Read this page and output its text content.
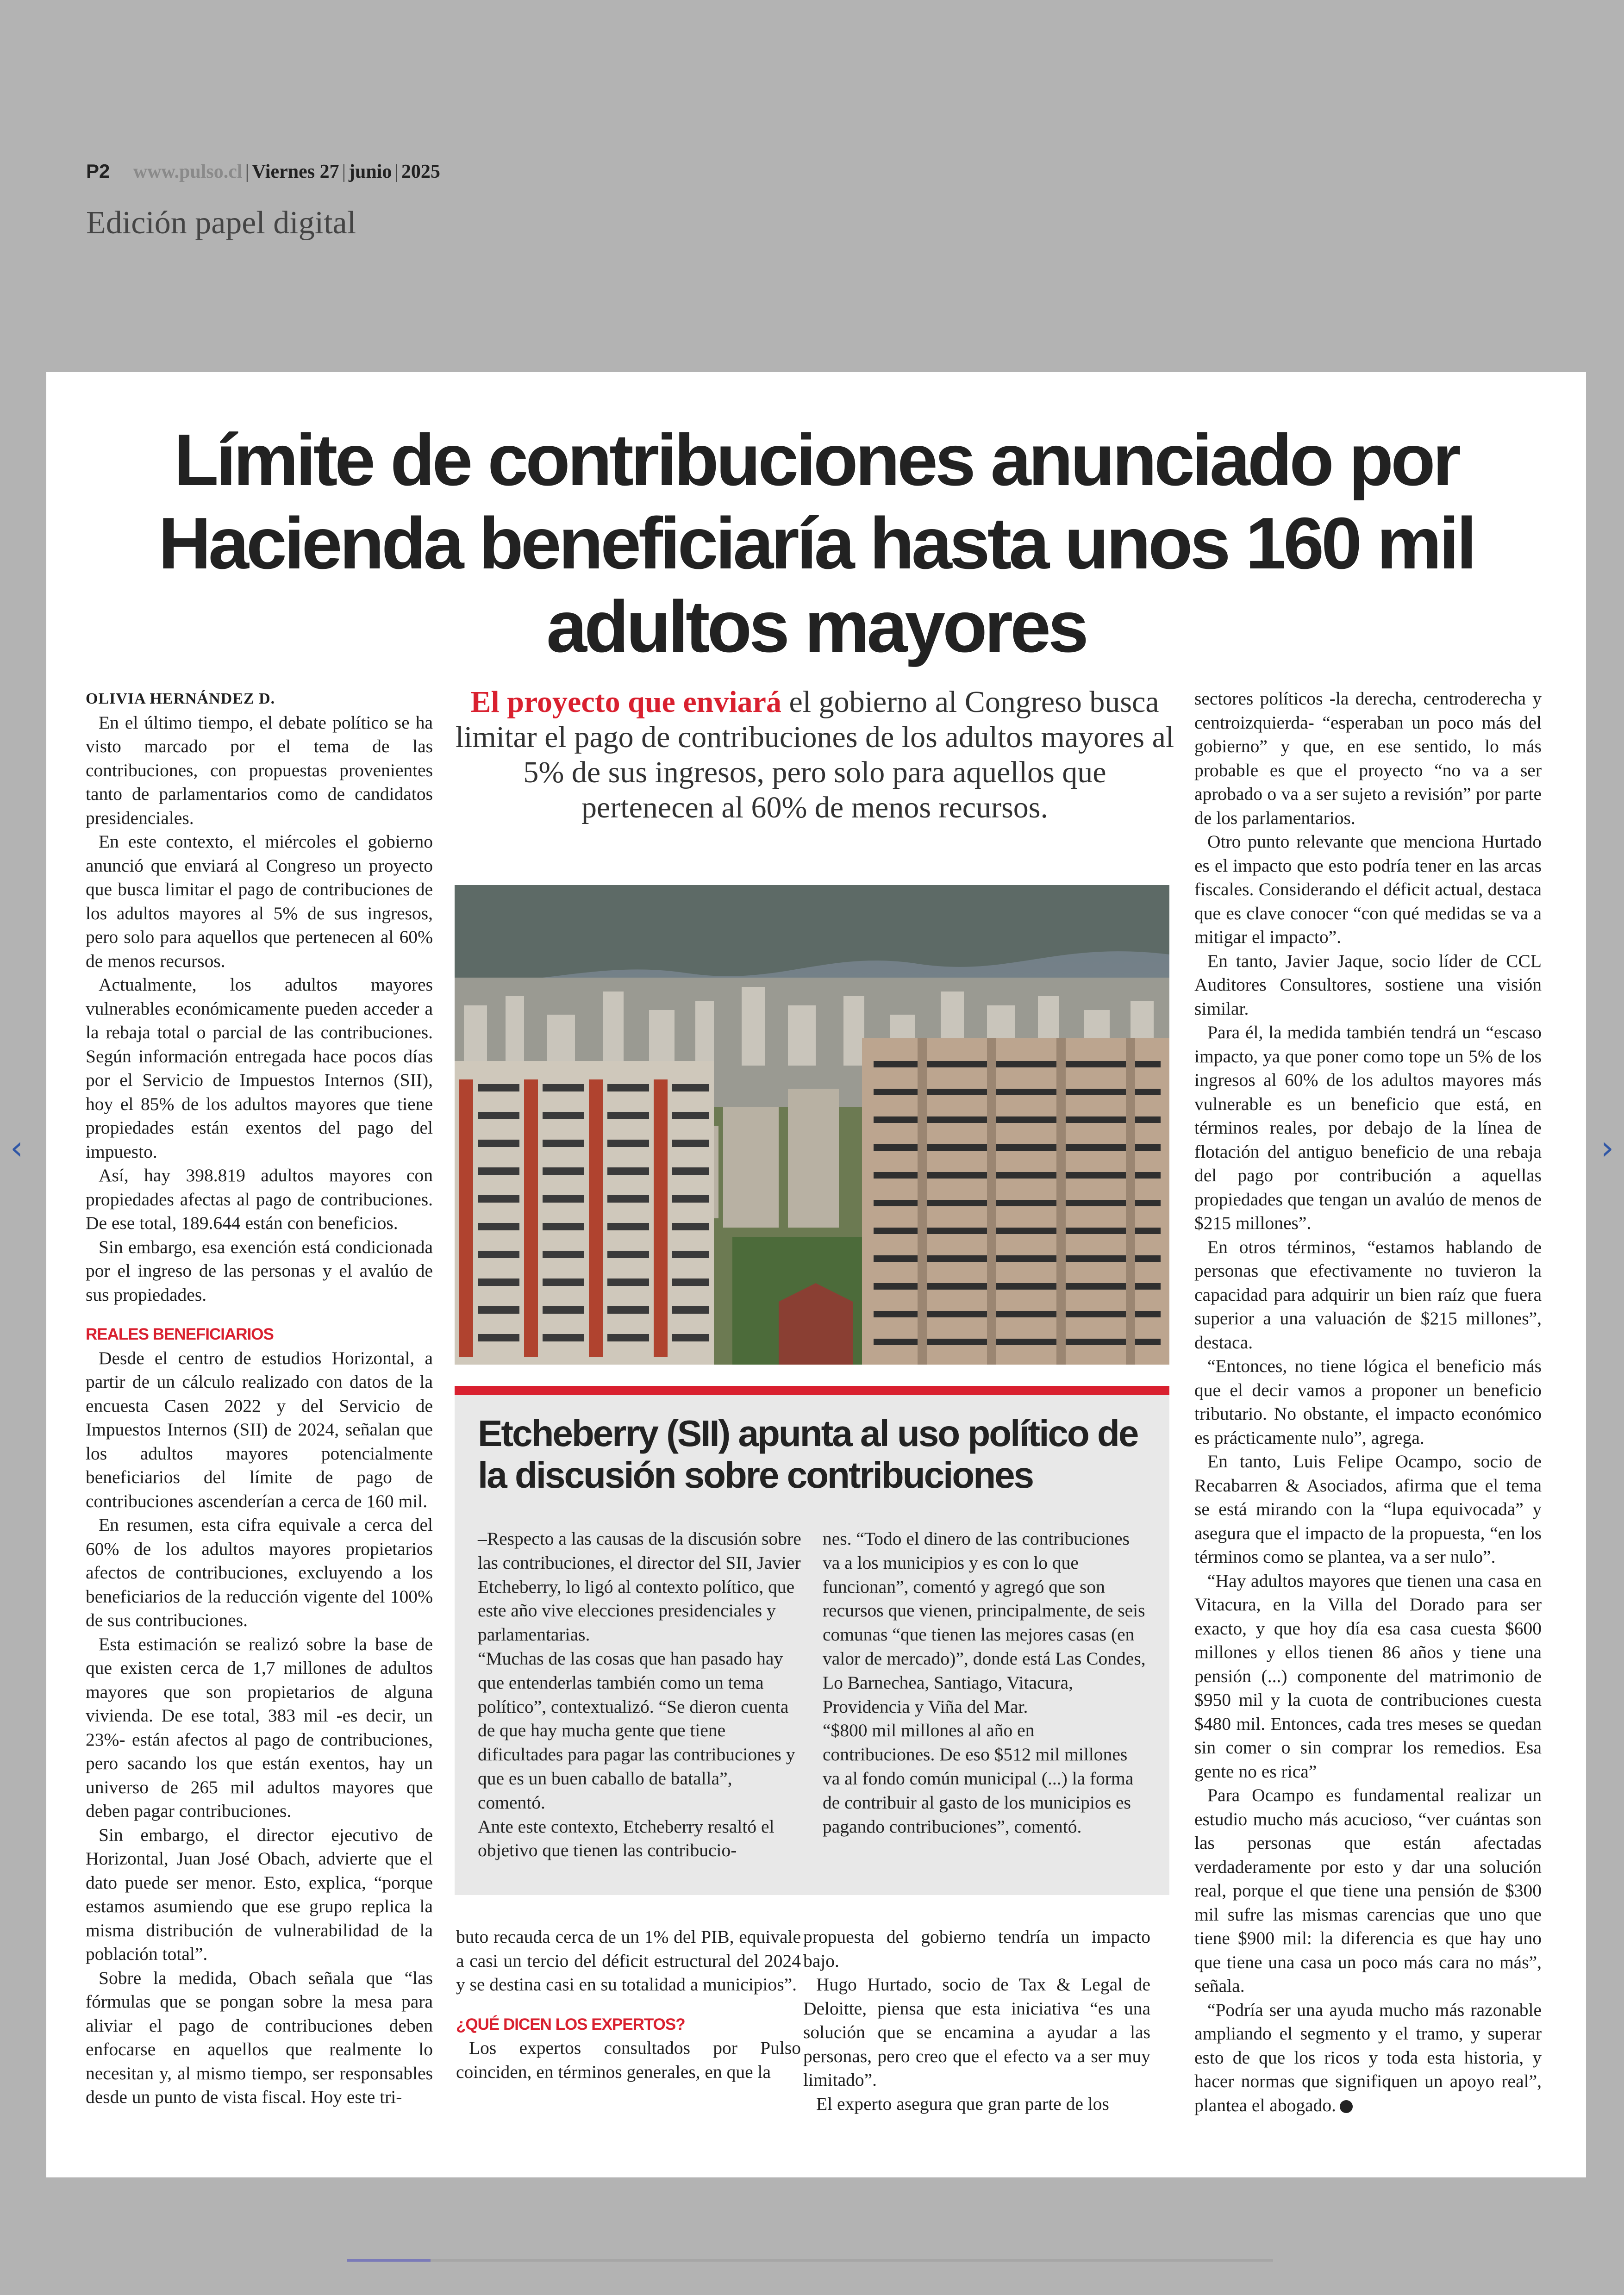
P2 www.pulso.cl | Viernes 27 | junio | 2025
Edición papel digital
‹	›
Límite de contribuciones anunciado por Hacienda beneficiaría hasta unos 160 mil adultos mayores

OLIVIA HERNÁNDEZ D.

En el último tiempo, el debate político se ha visto marcado por el tema de las contribuciones, con propuestas provenientes tanto de parlamentarios como de candidatos presidenciales.

En este contexto, el miércoles el gobierno anunció que enviará al Congreso un proyecto que busca limitar el pago de contribuciones de los adultos mayores al 5% de sus ingresos, pero solo para aquellos que pertenecen al 60% de menos recursos.

Actualmente, los adultos mayores vulnerables económicamente pueden acceder a la rebaja total o parcial de las contribuciones. Según información entregada hace pocos días por el Servicio de Impuestos Internos (SII), hoy el 85% de los adultos mayores que tiene propiedades están exentos del pago del impuesto.

Así, hay 398.819 adultos mayores con propiedades afectas al pago de contribuciones. De ese total, 189.644 están con beneficios.

Sin embargo, esa exención está condicionada por el ingreso de las personas y el avalúo de sus propiedades.

REALES BENEFICIARIOS

Desde el centro de estudios Horizontal, a partir de un cálculo realizado con datos de la encuesta Casen 2022 y del Servicio de Impuestos Internos (SII) de 2024, señalan que los adultos mayores potencialmente beneficiarios del límite de pago de contribuciones ascenderían a cerca de 160 mil.

En resumen, esta cifra equivale a cerca del 60% de los adultos mayores propietarios afectos de contribuciones, excluyendo a los beneficiarios de la reducción vigente del 100% de sus contribuciones.

Esta estimación se realizó sobre la base de que existen cerca de 1,7 millones de adultos mayores que son propietarios de alguna vivienda. De ese total, 383 mil -es decir, un 23%- están afectos al pago de contribuciones, pero sacando los que están exentos, hay un universo de 265 mil adultos mayores que deben pagar contribuciones.

Sin embargo, el director ejecutivo de Horizontal, Juan José Obach, advierte que el dato puede ser menor. Esto, explica, “porque estamos asumiendo que ese grupo replica la misma distribución de vulnerabilidad de la población total”.

Sobre la medida, Obach señala que “las fórmulas que se pongan sobre la mesa para aliviar el pago de contribuciones deben enfocarse en aquellos que realmente lo necesitan y, al mismo tiempo, ser responsables desde un punto de vista fiscal. Hoy este tri-

El proyecto que enviará el gobierno al Congreso busca limitar el pago de contribuciones de los adultos mayores al 5% de sus ingresos, pero solo para aquellos que pertenecen al 60% de menos recursos.
Etcheberry (SII) apunta al uso político de la discusión sobre contribuciones

–Respecto a las causas de la discusión sobre las contribuciones, el director del SII, Javier Etcheberry, lo ligó al contexto político, que este año vive elecciones presidenciales y parlamentarias.

“Muchas de las cosas que han pasado hay que entenderlas también como un tema político”, contextualizó. “Se dieron cuenta de que hay mucha gente que tiene dificultades para pagar las contribuciones y que es un buen caballo de batalla”, comentó.

Ante este contexto, Etcheberry resaltó el objetivo que tienen las contribucio-

nes. “Todo el dinero de las contribuciones va a los municipios y es con lo que funcionan”, comentó y agregó que son recursos que vienen, principalmente, de seis comunas “que tienen las mejores casas (en valor de mercado)”, donde está Las Condes, Lo Barnechea, Santiago, Vitacura, Providencia y Viña del Mar.

“$800 mil millones al año en contribuciones. De eso $512 mil millones va al fondo común municipal (...) la forma de contribuir al gasto de los municipios es pagando contribuciones”, comentó.

buto recauda cerca de un 1% del PIB, equivale a casi un tercio del déficit estructural del 2024 y se destina casi en su totalidad a municipios”.

¿QUÉ DICEN LOS EXPERTOS?

Los expertos consultados por Pulso coinciden, en términos generales, en que la

propuesta del gobierno tendría un impacto bajo.

Hugo Hurtado, socio de Tax & Legal de Deloitte, piensa que esta iniciativa “es una solución que se encamina a ayudar a las personas, pero creo que el efecto va a ser muy limitado”.

El experto asegura que gran parte de los

sectores políticos -la derecha, centroderecha y centroizquierda- “esperaban un poco más del gobierno” y que, en ese sentido, lo más probable es que el proyecto “no va a ser aprobado o va a ser sujeto a revisión” por parte de los parlamentarios.

Otro punto relevante que menciona Hurtado es el impacto que esto podría tener en las arcas fiscales. Considerando el déficit actual, destaca que es clave conocer “con qué medidas se va a mitigar el impacto”.

En tanto, Javier Jaque, socio líder de CCL Auditores Consultores, sostiene una visión similar.

Para él, la medida también tendrá un “escaso impacto, ya que poner como tope un 5% de los ingresos al 60% de los adultos mayores más vulnerable es un beneficio que está, en términos reales, por debajo de la línea de flotación del antiguo beneficio de una rebaja del pago por contribución a aquellas propiedades que tengan un avalúo de menos de $215 millones”.

En otros términos, “estamos hablando de personas que efectivamente no tuvieron la capacidad para adquirir un bien raíz que fuera superior a una valuación de $215 millones”, destaca.

“Entonces, no tiene lógica el beneficio más que el decir vamos a proponer un beneficio tributario. No obstante, el impacto económico es prácticamente nulo”, agrega.

En tanto, Luis Felipe Ocampo, socio de Recabarren & Asociados, afirma que el tema se está mirando con la “lupa equivocada” y asegura que el impacto de la propuesta, “en los términos como se plantea, va a ser nulo”.

“Hay adultos mayores que tienen una casa en Vitacura, en la Villa del Dorado para ser exacto, y que hoy día esa casa cuesta $600 millones y ellos tienen 86 años y tiene una pensión (...) componente del matrimonio de $950 mil y la cuota de contribuciones cuesta $480 mil. Entonces, cada tres meses se quedan sin comer o sin comprar los remedios. Esa gente no es rica”

Para Ocampo es fundamental realizar un estudio mucho más acucioso, “ver cuántas son las personas que están afectadas verdaderamente por esto y dar una solución real, porque el que tiene una pensión de $300 mil sufre las mismas carencias que uno que tiene $900 mil: la diferencia es que hay uno que tiene una casa un poco más cara no más”, señala.

“Podría ser una ayuda mucho más razonable ampliando el segmento y el tramo, y superar esto de que los ricos y toda esta historia, y hacer normas que signifiquen un apoyo real”, plantea el abogado.
